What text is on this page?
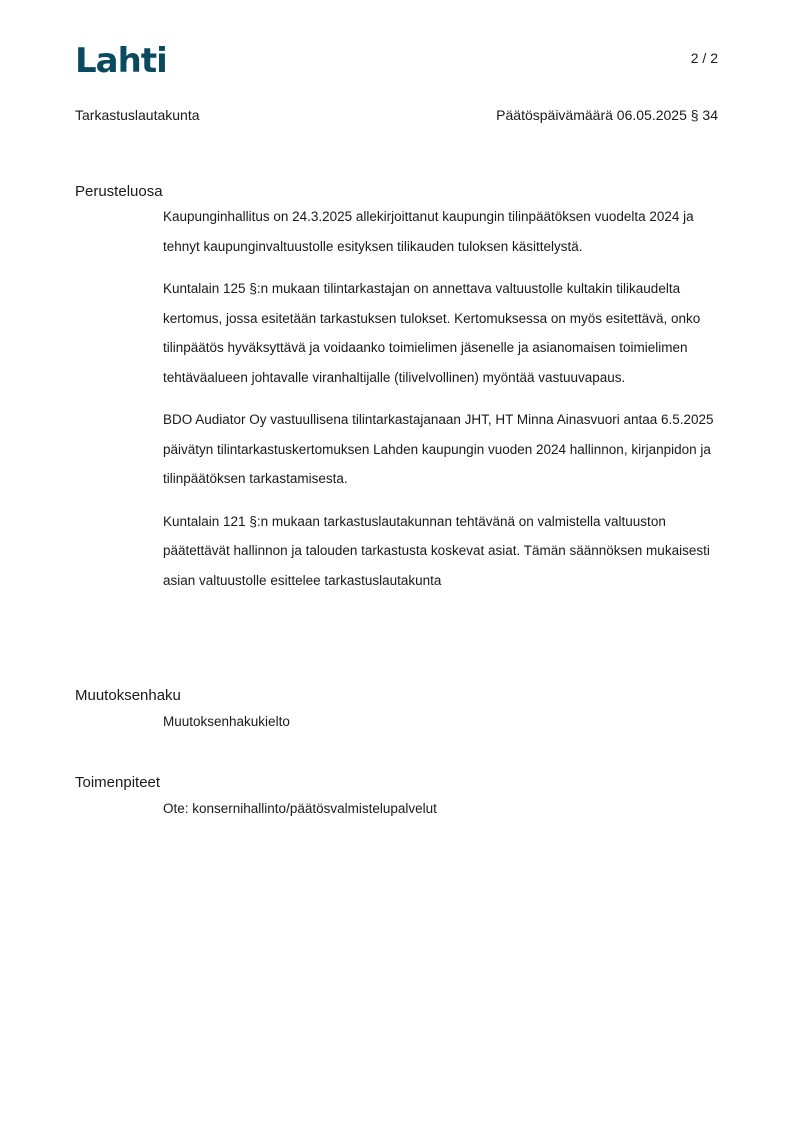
Lahti	2 / 2
Tarkastuslautakunta	Päätöspäivämäärä 06.05.2025 § 34
Perusteluosa

Kaupunginhallitus on 24.3.2025 allekirjoittanut kaupungin tilinpäätöksen vuodelta 2024 ja tehnyt kaupunginvaltuustolle esityksen tilikauden tuloksen käsittelystä.

Kuntalain 125 §:n mukaan tilintarkastajan on annettava valtuustolle kultakin tilikaudelta kertomus, jossa esitetään tarkastuksen tulokset. Kertomuksessa on myös esitettävä, onko tilinpäätös hyväksyttävä ja voidaanko toimielimen jäsenelle ja asianomaisen toimielimen tehtäväalueen johtavalle viranhaltijalle (tilivelvollinen) myöntää vastuuvapaus.

BDO Audiator Oy vastuullisena tilintarkastajanaan JHT, HT Minna Ainasvuori antaa 6.5.2025 päivätyn tilintarkastuskertomuksen Lahden kaupungin vuoden 2024 hallinnon, kirjanpidon ja tilinpäätöksen tarkastamisesta.

Kuntalain 121 §:n mukaan tarkastuslautakunnan tehtävänä on valmistella valtuuston päätettävät hallinnon ja talouden tarkastusta koskevat asiat. Tämän säännöksen mukaisesti asian valtuustolle esittelee tarkastuslautakunta

Muutoksenhaku
Muutoksenhakukielto
Toimenpiteet
Ote: konsernihallinto/päätösvalmistelupalvelut
